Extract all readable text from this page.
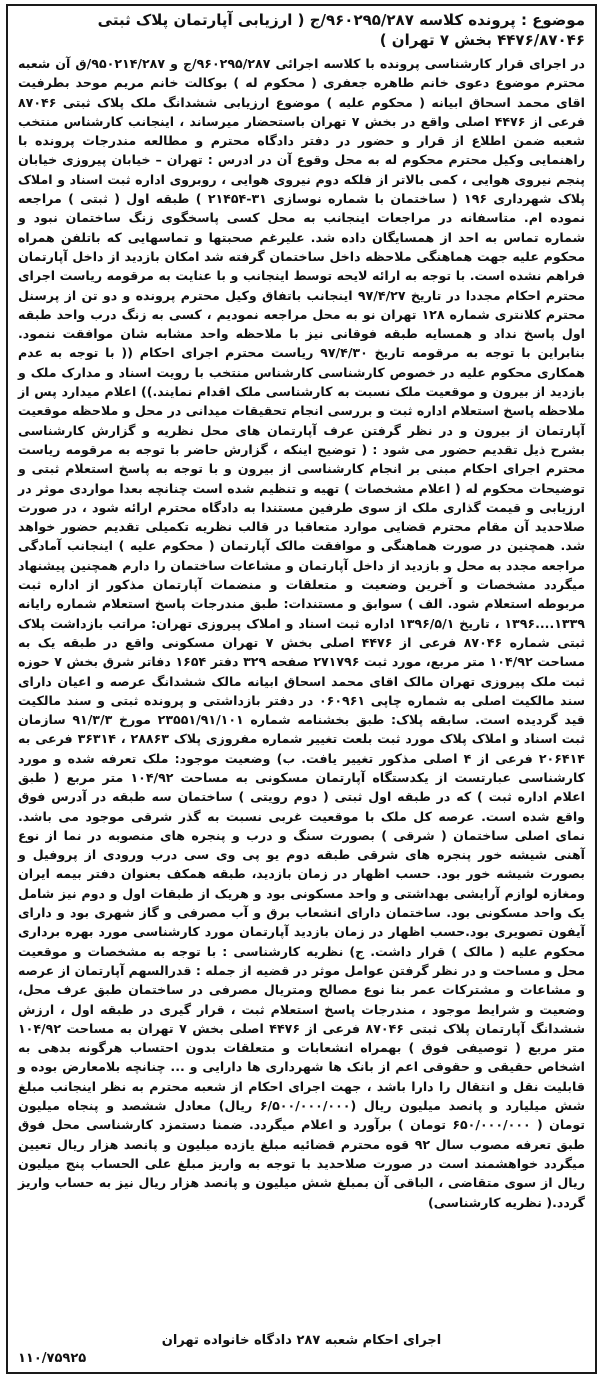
موضوع : پرونده کلاسه ۹۶۰۲۹۵/۲۸۷/ج ( ارزیابی آپارتمان پلاک ثبتی ۴۴۷۶/۸۷۰۴۶ بخش ۷ تهران )

در اجرای قرار کارشناسی پرونده با کلاسه اجرائی ۹۶۰۲۹۵/۲۸۷/ج و ۹۵۰۲۱۴/۲۸۷/ق آن شعبه محترم موضوع دعوی خانم طاهره جعفری ( محکوم له ) بوکالت خانم مریم موحد بطرفیت اقای محمد اسحاق ابیانه ( محکوم علیه ) موضوع ارزیابی ششدانگ ملک پلاک ثبتی ۸۷۰۴۶ فرعی از ۴۴۷۶ اصلی واقع در بخش ۷ تهران باستحضار میرساند ، اینجانب کارشناس منتخب شعبه ضمن اطلاع از قرار و حضور در دفتر دادگاه محترم و مطالعه مندرجات پرونده با راهنمایی وکیل محترم محکوم له به محل وقوع آن در ادرس : تهران – خیابان پیروزی خیابان پنجم نیروی هوایی ، کمی بالاتر از فلکه دوم نیروی هوایی ، روبروی اداره ثبت اسناد و املاک پلاک شهرداری ۱۹۶ ( ساختمان با شماره نوسازی ۳۱-۲۱۴۵۴ ) طبقه اول ( ثبتی ) مراجعه نموده ام. متاسفانه در مراجعات اینجانب به محل کسی پاسخگوی زنگ ساختمان نبود و شماره تماس به احد از همسایگان داده شد. علیرغم صحبتها و تماسهایی که باتلفن همراه محکوم علیه جهت هماهنگی ملاحظه داخل ساختمان گرفته شد امکان بازدید از داخل آپارتمان فراهم نشده است. با توجه به ارائه لایحه توسط اینجانب و با عنایت به مرقومه ریاست اجرای محترم احکام مجددا در تاریخ ۹۷/۴/۲۷ اینجانب باتفاق وکیل محترم پرونده و دو تن از پرسنل محترم کلانتری شماره ۱۲۸ تهران نو به محل مراجعه نمودیم ، کسی به زنگ درب واحد طبقه اول پاسخ نداد و همسایه طبقه فوقانی نیز با ملاحظه واحد مشابه شان موافقت ننمود. بنابراین با توجه به مرقومه تاریخ ۹۷/۴/۳۰ ریاست محترم اجرای احکام (( با توجه به عدم همکاری محکوم علیه در خصوص کارشناسی کارشناس منتخب با رویت اسناد و مدارک ملک و بازدید از بیرون و موقعیت ملک نسبت به کارشناسی ملک اقدام نمایند.)) اعلام میدارد پس از ملاحظه پاسخ استعلام اداره ثبت و بررسی انجام تحقیقات میدانی در محل و ملاحظه موقعیت آپارتمان از بیرون و در نظر گرفتن عرف آپارتمان های محل نظریه و گزارش کارشناسی بشرح ذیل تقدیم حضور می شود : ( توضیح اینکه ، گزارش حاضر با توجه به مرقومه ریاست محترم اجرای احکام مبنی بر انجام کارشناسی از بیرون و با توجه به پاسخ استعلام ثبتی و توضیحات محکوم له ( اعلام مشخصات ) تهیه و تنظیم شده است چنانچه بعدا مواردی موثر در ارزیابی و قیمت گذاری ملک از سوی طرفین مستندا به دادگاه محترم ارائه شود ، در صورت صلاحدید آن مقام محترم قضایی موارد متعاقبا در قالب نظریه تکمیلی تقدیم حضور خواهد شد. همچنین در صورت هماهنگی و موافقت مالک آپارتمان ( محکوم علیه ) اینجانب آمادگی مراجعه مجدد به محل و بازدید از داخل آپارتمان و مشاعات ساختمان را دارم همچنین پیشنهاد میگردد مشخصات و آخرین وضعیت و متعلقات و منضمات آپارتمان مذکور از اداره ثبت مربوطه استعلام شود. الف ) سوابق و مستندات: طبق مندرجات پاسخ استعلام شماره رایانه ۱۳۳۹....۱۳۹۶ ، تاریخ ۱۳۹۶/۵/۱ اداره ثبت اسناد و املاک پیروزی تهران: مراتب بازداشت پلاک ثبتی شماره ۸۷۰۴۶ فرعی از ۴۴۷۶ اصلی بخش ۷ تهران مسکونی واقع در طبقه یک به مساحت ۱۰۴/۹۲ متر مربع، مورد ثبت ۲۷۱۷۹۶ صفحه ۳۲۹ دفتر ۱۶۵۴ دفاتر شرق بخش ۷ حوزه ثبت ملک پیروزی تهران مالک اقای محمد اسحاق ابیانه مالک ششدانگ عرصه و اعیان دارای سند مالکیت اصلی به شماره چاپی ۰۶۰۹۶۱ در دفتر بازداشتی و پرونده ثبتی و سند مالکیت قید گردیده است. سابقه پلاک: طبق بخشنامه شماره ۲۳۵۵۱/۹۱/۱۰۱ مورخ ۹۱/۳/۳ سازمان ثبت اسناد و املاک پلاک مورد ثبت بلعت تغییر شماره مفروزی پلاک ۲۸۸۶۳ ، ۳۶۳۱۴ فرعی به ۲۰۶۴۱۴ فرعی از ۴ اصلی مذکور تغییر یافت. ب) وضعیت موجود: ملک تعرفه شده و مورد کارشناسی عبارتست از یکدستگاه آپارتمان مسکونی به مساحت ۱۰۴/۹۲ متر مربع ( طبق اعلام اداره ثبت ) که در طبقه اول ثبتی ( دوم رویتی ) ساختمان سه طبقه در آدرس فوق واقع شده است. عرصه کل ملک با موقعیت غربی نسبت به گذر شرقی موجود می باشد. نمای اصلی ساختمان ( شرقی ) بصورت سنگ و درب و پنجره های منصوبه در نما از نوع آهنی شیشه خور پنجره های شرقی طبقه دوم یو پی وی سی درب ورودی از پروفیل و بصورت شیشه خور بود. حسب اظهار در زمان بازدید، طبقه همکف بعنوان دفتر بیمه ایران ومغازه لوازم آرایشی بهداشتی و واحد مسکونی بود و هریک از طبقات اول و دوم نیز شامل یک واحد مسکونی بود. ساختمان دارای انشعاب برق و آب مصرفی و گاز شهری بود و دارای آیفون تصویری بود.حسب اظهار در زمان بازدید آپارتمان مورد کارشناسی مورد بهره برداری محکوم علیه ( مالک ) قرار داشت. ج) نظریه کارشناسی : با توجه به مشخصات و موقعیت محل و مساحت و در نظر گرفتن عوامل موثر در قضیه از جمله : قدرالسهم آپارتمان از عرصه و مشاعات و مشترکات عمر بنا نوع مصالح ومتریال مصرفی در ساختمان طبق عرف محل، وضعیت و شرایط موجود ، مندرجات پاسخ استعلام ثبت ، قرار گیری در طبقه اول ، ارزش ششدانگ آپارتمان پلاک ثبتی ۸۷۰۴۶ فرعی از ۴۴۷۶ اصلی بخش ۷ تهران به مساحت ۱۰۴/۹۲ متر مربع ( توصیفی فوق ) بهمراه انشعابات و متعلقات بدون احتساب هرگونه بدهی به اشخاص حقیقی و حقوقی اعم از بانک ها شهرداری ها دارایی و ... چنانچه بلامعارض بوده و قابلیت نقل و انتقال را دارا باشد ، جهت اجرای احکام از شعبه محترم به نظر اینجانب مبلغ شش میلیارد و پانصد میلیون ریال (۶/۵۰۰/۰۰۰/۰۰۰ ریال) معادل ششصد و پنجاه میلیون تومان ( ۶۵۰/۰۰۰/۰۰۰ تومان ) برآورد و اعلام میگردد. ضمنا دستمزد کارشناسی محل فوق طبق تعرفه مصوب سال ۹۲ قوه محترم قضائیه مبلغ یازده میلیون و پانصد هزار ریال تعیین میگردد خواهشمند است در صورت صلاحدید با توجه به واریز مبلغ علی الحساب پنج میلیون ریال از سوی متقاضی ، الباقی آن بمبلغ شش میلیون و پانصد هزار ریال نیز به حساب واریز گردد.( نظریه کارشناسی)

اجرای احکام شعبه ۲۸۷ دادگاه خانواده تهران
۱۱۰/۷۵۹۲۵
